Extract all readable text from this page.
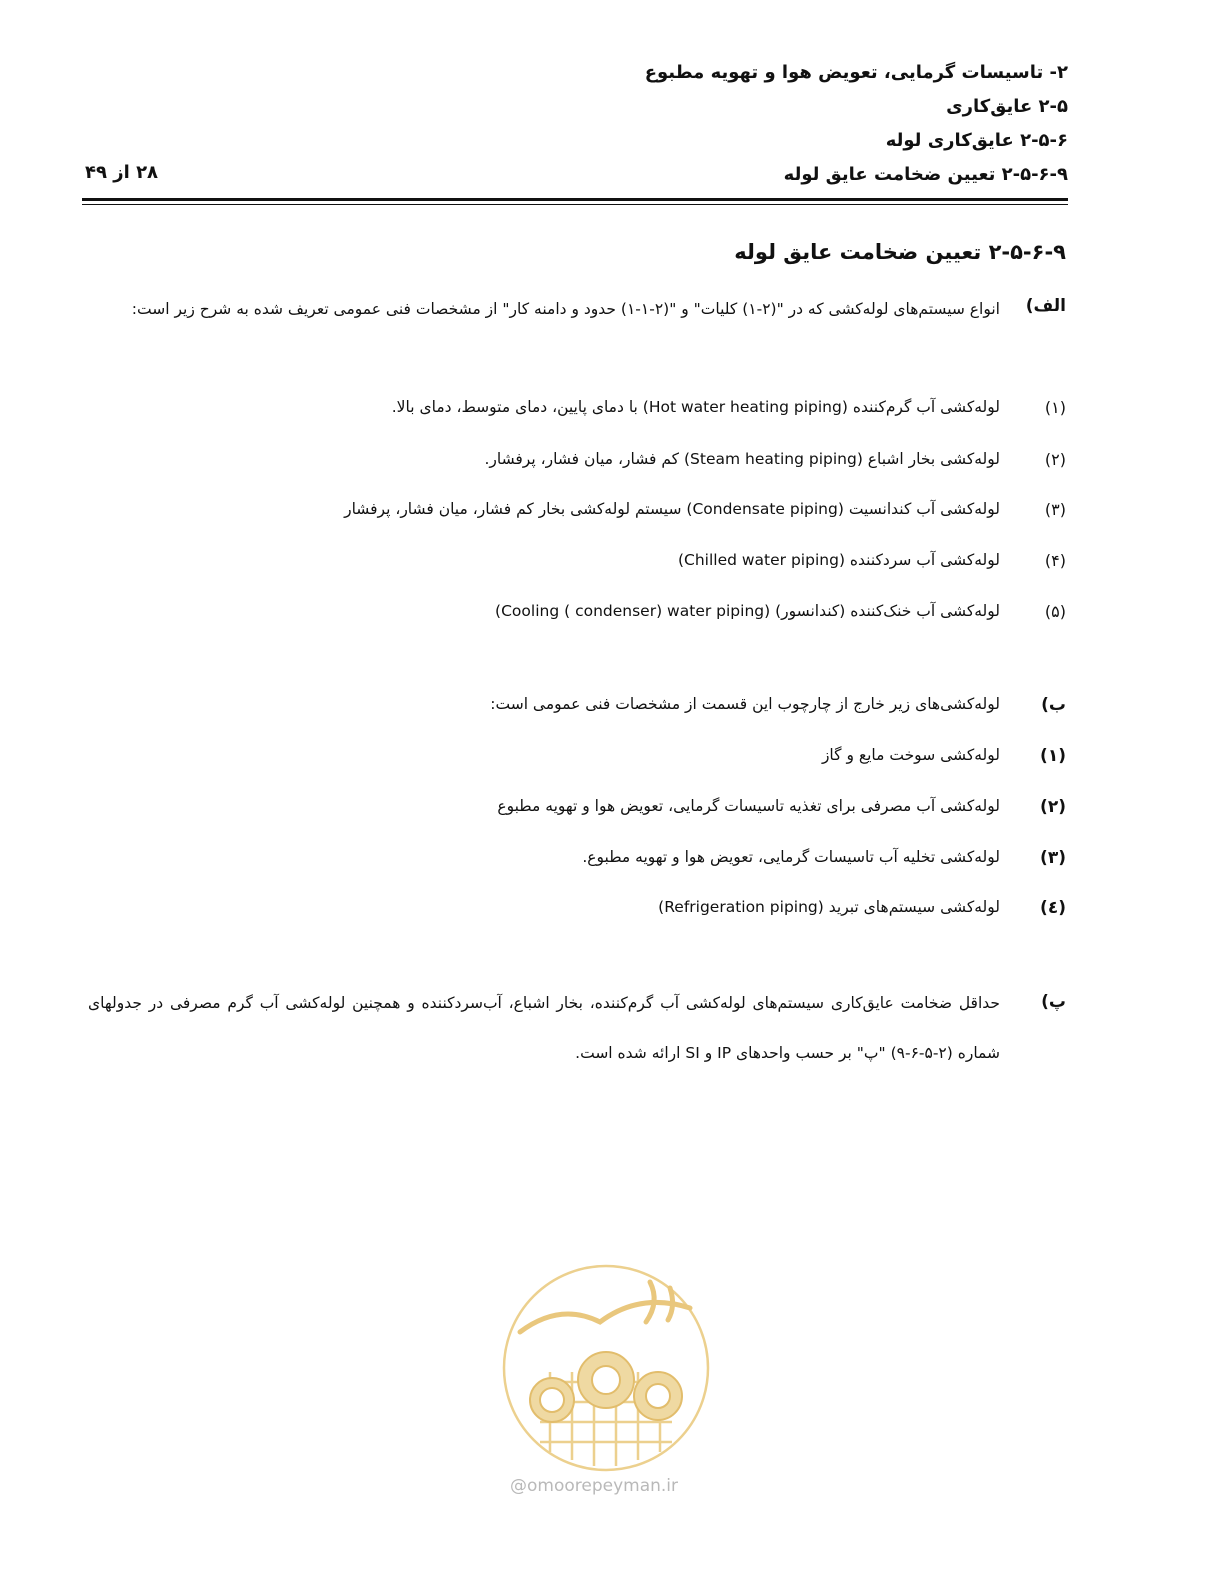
۲- تاسیسات گرمایی، تعویض هوا و تهویه مطبوع
۲-۵ عایق‌کاری
۲-۵-۶ عایق‌کاری لوله
۲-۵-۶-۹ تعیین ضخامت عایق لوله
۲۸ از ۴۹
۲-۵-۶-۹ تعیین ضخامت عایق لوله
الف)
انواع سیستم‌های لوله‌کشی که در "(۲-۱) کلیات" و "(۲-۱-۱) حدود و دامنه کار" از مشخصات فنی عمومی تعریف شده به شرح زیر است:
(۱)
لوله‌کشی آب گرم‌کننده (Hot water heating piping) با دمای پایین، دمای متوسط، دمای بالا.
(۲)
لوله‌کشی بخار اشباع (Steam heating piping) کم فشار، میان فشار، پرفشار.
(۳)
لوله‌کشی آب کندانسیت (Condensate piping) سیستم لوله‌کشی بخار کم فشار، میان فشار، پرفشار
(۴)
لوله‌کشی آب سردکننده (Chilled water piping)
(۵)
لوله‌کشی آب خنک‌کننده (کندانسور) (Cooling ( condenser) water piping)
ب)
لوله‌کشی‌های زیر خارج از چارچوب این قسمت از مشخصات فنی عمومی است:
(۱)
لوله‌کشی سوخت مایع و گاز
(۲)
لوله‌کشی آب مصرفی برای تغذیه تاسیسات گرمایی، تعویض هوا و تهویه مطبوع
(۳)
لوله‌کشی تخلیه آب تاسیسات گرمایی، تعویض هوا و تهویه مطبوع.
(٤)
لوله‌کشی سیستم‌های تبرید (Refrigeration piping)
پ)
حداقل ضخامت عایق‌کاری سیستم‌های لوله‌کشی آب گرم‌کننده، بخار اشباع، آب‌سردکننده و همچنین لوله‌کشی آب گرم مصرفی در جدولهای شماره (۲-۵-۶-۹) "پ" بر حسب واحدهای IP و SI ارائه شده است.
@omoorepeyman.ir
